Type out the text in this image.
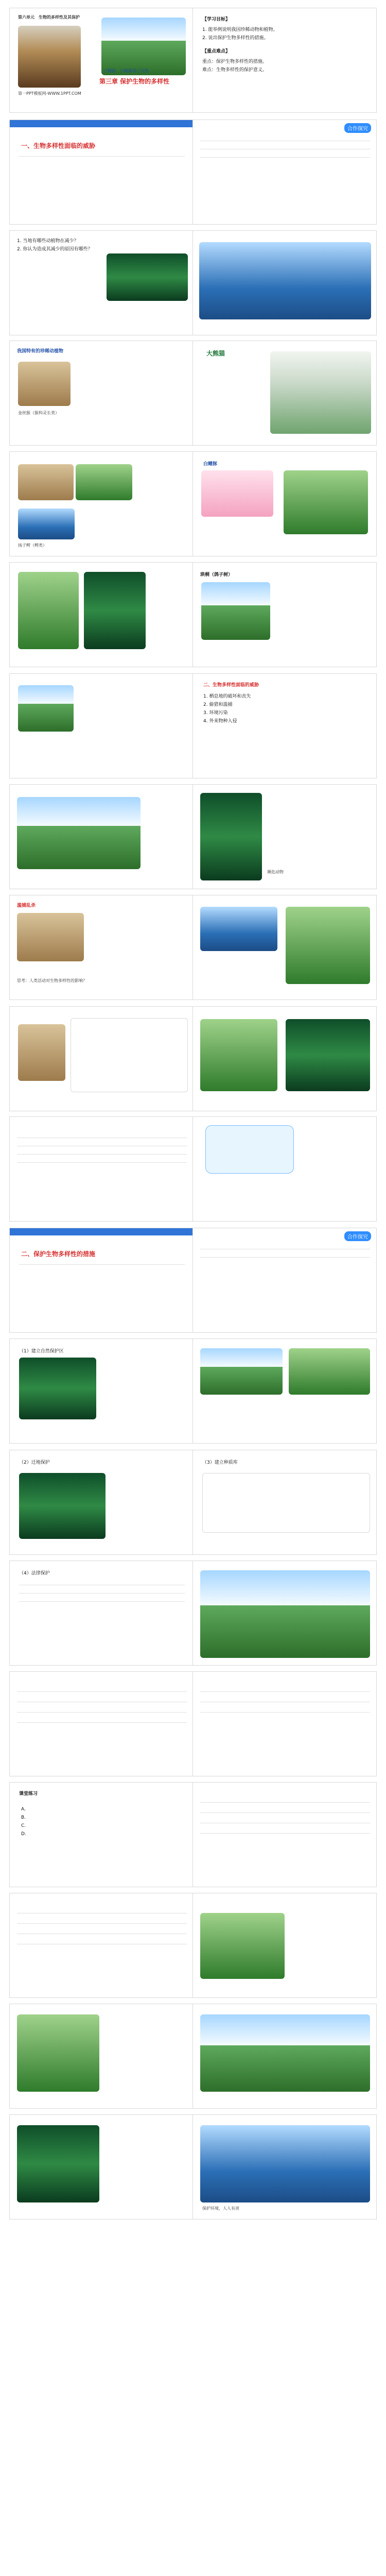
第六单元　生物的多样性及其保护
第三章 保护生物的多样性
第一PPT模板网-WWW.1PPT.COM
白鳍豚、白鳍豚等已灭绝
【学习目标】
1. 能举例说明我国珍稀动物和植物。
2. 说出保护生物多样性的措施。
【重点难点】
重点：保护生物多样性的措施。
难点：生物多样性的保护意义。
一、生物多样性面临的威胁
合作探究
1. 当地有哪些动植物在减少？
2. 你认为造成其减少的原因有哪些？
我国特有的珍稀动植物
金丝猴（猴科灵长类）
大熊猫
扬子鳄（鳄类）
白鳍豚
珙桐（鸽子树）
二、生物多样性面临的威胁
1. 栖息地的破坏和丧失
2. 偷猎和滥捕
3. 环境污染
4. 外来物种入侵
濒危动物
滥捕乱杀
思考：人类活动对生物多样性的影响？
二、保护生物多样性的措施
合作探究
（1）建立自然保护区
（2）迁地保护	（3）建立种质库
（4）法律保护
课堂练习
A.
B.
C.
D.
保护环境，人人有责
